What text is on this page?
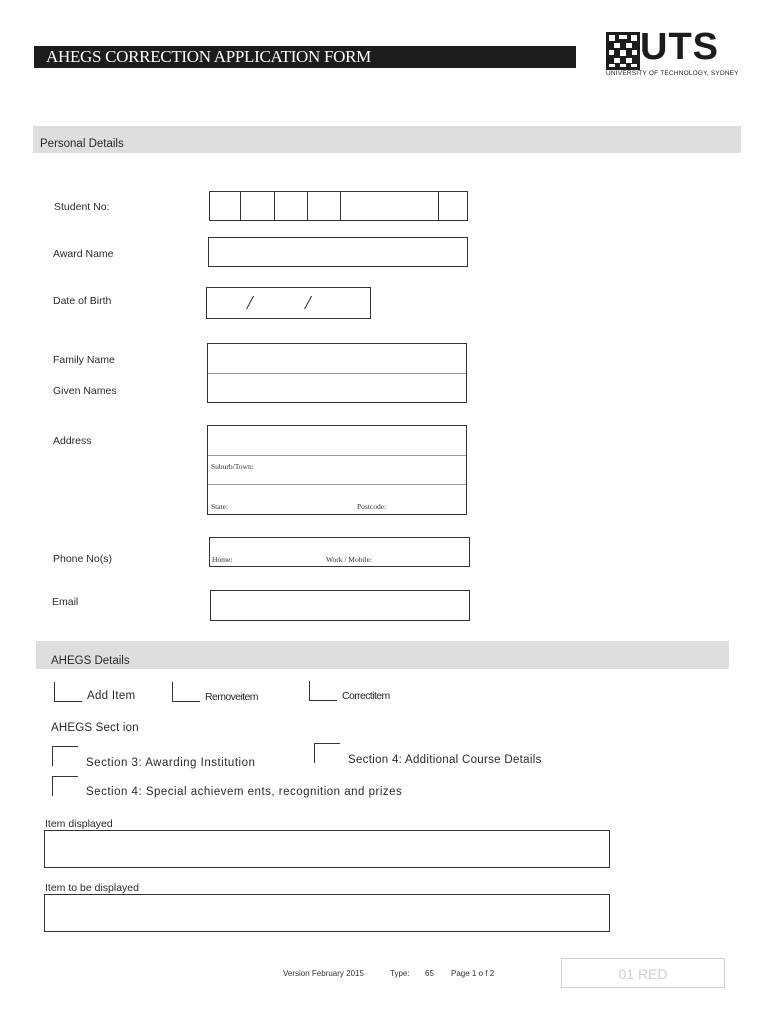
AHEGS CORRECTION APPLICATION FORM	UTS
UNIVERSITY OF TECHNOLOGY, SYDNEY
Personal Details
Student No:
Award Name
Date of Birth	/	/
Family Name
Given Names
Address
Suburb/Town:
State:	Postcode:
Phone No(s)	Home:	Work / Mobile:
Email
AHEGS Details
Add Item	Removeitem	Correctitem
AHEGS Sect ion
Section 3: Awarding Institution	Section 4: Additional Course Details
Section 4: Special achievem ents, recognition and prizes
Item displayed
Item to be displayed
Version February 2015	Type: 65 Page 1 o f 2	01 RED
